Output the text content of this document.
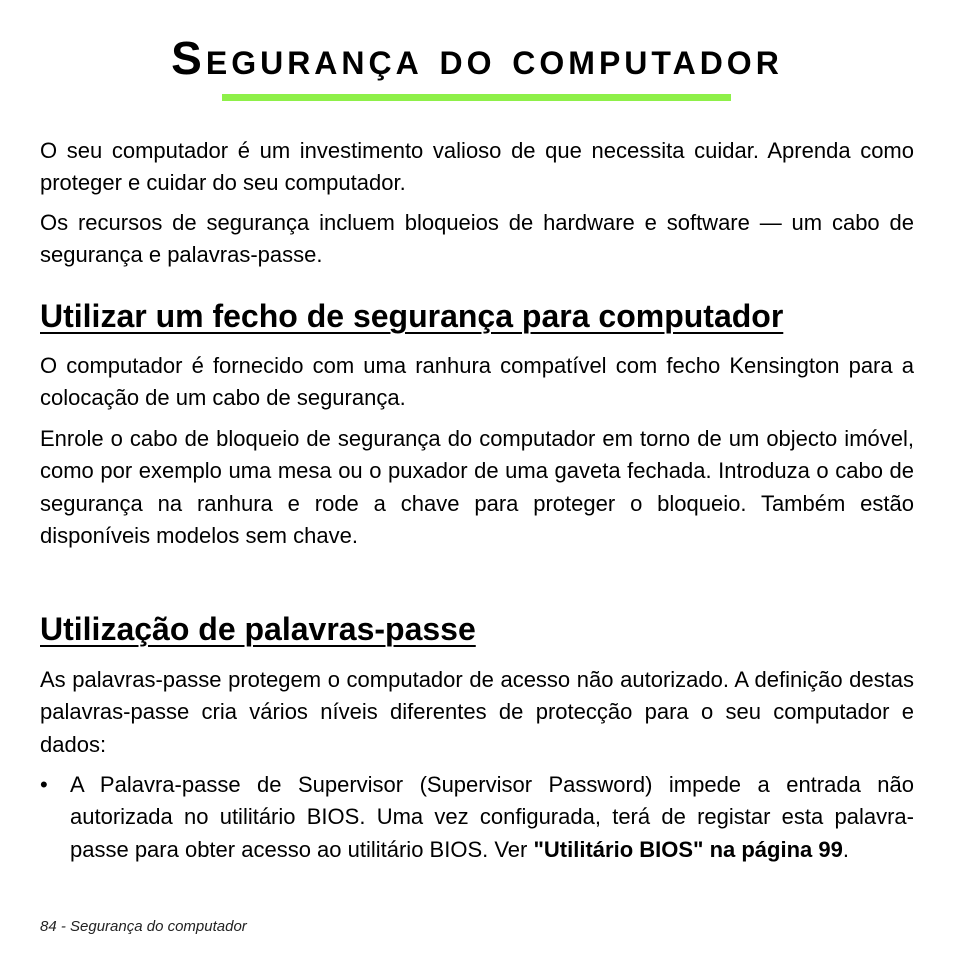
Segurança do computador

O seu computador é um investimento valioso de que necessita cuidar. Aprenda como proteger e cuidar do seu computador.

Os recursos de segurança incluem bloqueios de hardware e software — um cabo de segurança e palavras-passe.

Utilizar um fecho de segurança para computador

O computador é fornecido com uma ranhura compatível com fecho Kensington para a colocação de um cabo de segurança.

Enrole o cabo de bloqueio de segurança do computador em torno de um objecto imóvel, como por exemplo uma mesa ou o puxador de uma gaveta fechada. Introduza o cabo de segurança na ranhura e rode a chave para proteger o bloqueio. Também estão disponíveis modelos sem chave.

Utilização de palavras-passe

As palavras-passe protegem o computador de acesso não autorizado. A definição destas palavras-passe cria vários níveis diferentes de protecção para o seu computador e dados:

• A Palavra-passe de Supervisor (Supervisor Password) impede a entrada não autorizada no utilitário BIOS. Uma vez configurada, terá de registar esta palavra-passe para obter acesso ao utilitário BIOS. Ver "Utilitário BIOS" na página 99.

84 - Segurança do computador
